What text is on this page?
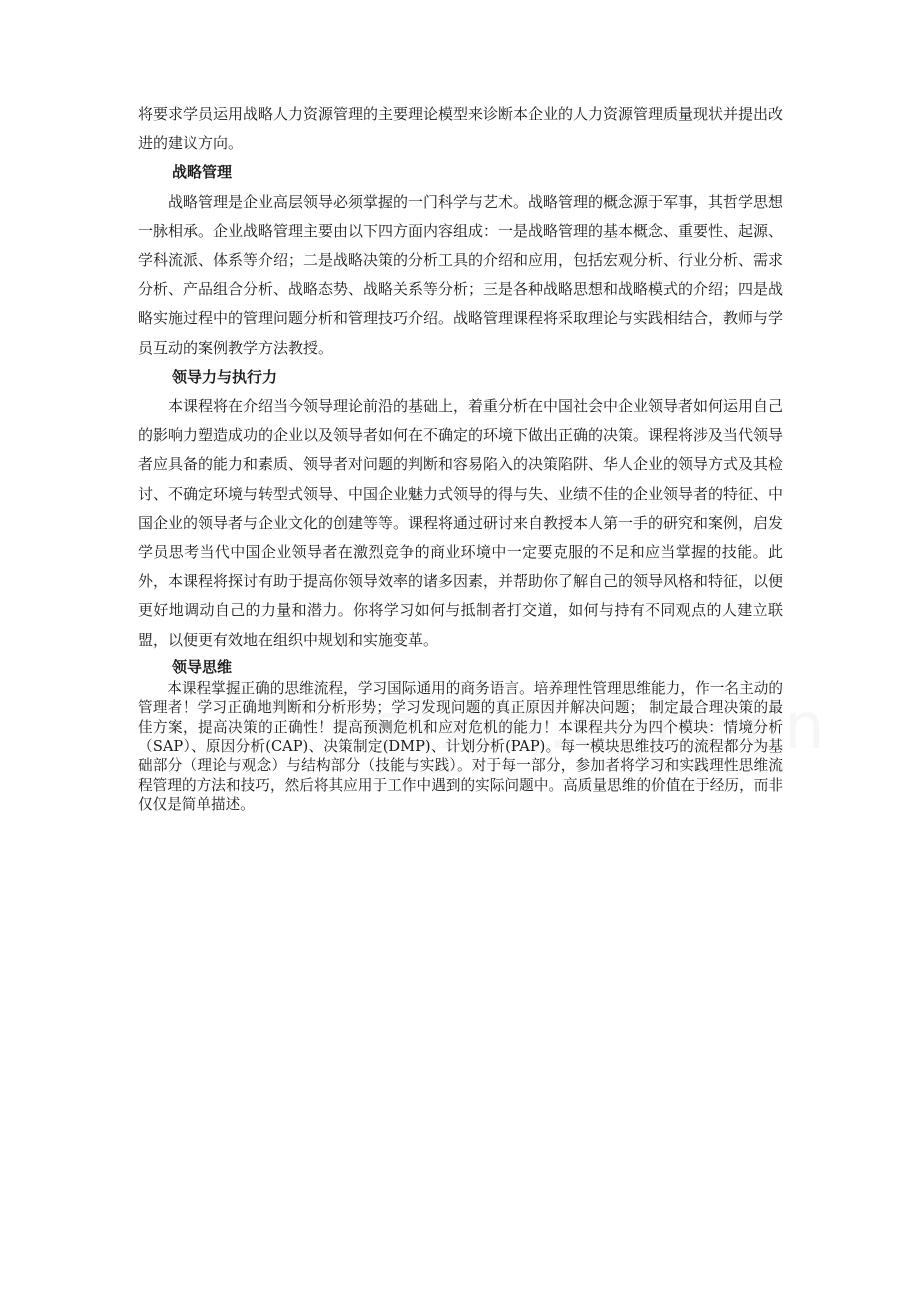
将要求学员运用战略人力资源管理的主要理论模型来诊断本企业的人力资源管理质量现状并提出改进的建议方向。

战略管理

战略管理是企业高层领导必须掌握的一门科学与艺术。战略管理的概念源于军事，其哲学思想一脉相承。企业战略管理主要由以下四方面内容组成：一是战略管理的基本概念、重要性、起源、学科流派、体系等介绍；二是战略决策的分析工具的介绍和应用，包括宏观分析、行业分析、需求分析、产品组合分析、战略态势、战略关系等分析；三是各种战略思想和战略模式的介绍；四是战略实施过程中的管理问题分析和管理技巧介绍。战略管理课程将采取理论与实践相结合，教师与学员互动的案例教学方法教授。

领导力与执行力

本课程将在介绍当今领导理论前沿的基础上，着重分析在中国社会中企业领导者如何运用自己的影响力塑造成功的企业以及领导者如何在不确定的环境下做出正确的决策。课程将涉及当代领导者应具备的能力和素质、领导者对问题的判断和容易陷入的决策陷阱、华人企业的领导方式及其检讨、不确定环境与转型式领导、中国企业魅力式领导的得与失、业绩不佳的企业领导者的特征、中国企业的领导者与企业文化的创建等等。课程将通过研讨来自教授本人第一手的研究和案例，启发学员思考当代中国企业领导者在激烈竞争的商业环境中一定要克服的不足和应当掌握的技能。此外，本课程将探讨有助于提高你领导效率的诸多因素，并帮助你了解自己的领导风格和特征，以便更好地调动自己的力量和潜力。你将学习如何与抵制者打交道，如何与持有不同观点的人建立联盟，以便更有效地在组织中规划和实施变革。

领导思维

本课程掌握正确的思维流程，学习国际通用的商务语言。培养理性管理思维能力，作一名主动的管理者！学习正确地判断和分析形势；学习发现问题的真正原因并解决问题； 制定最合理决策的最佳方案，提高决策的正确性！提高预测危机和应对危机的能力！本课程共分为四个模块：情境分析（SAP）、原因分析(CAP)、决策制定(DMP)、计划分析(PAP)。每一模块思维技巧的流程都分为基础部分（理论与观念）与结构部分（技能与实践）。对于每一部分，参加者将学习和实践理性思维流程管理的方法和技巧，然后将其应用于工作中遇到的实际问题中。高质量思维的价值在于经历，而非仅仅是简单描述。
